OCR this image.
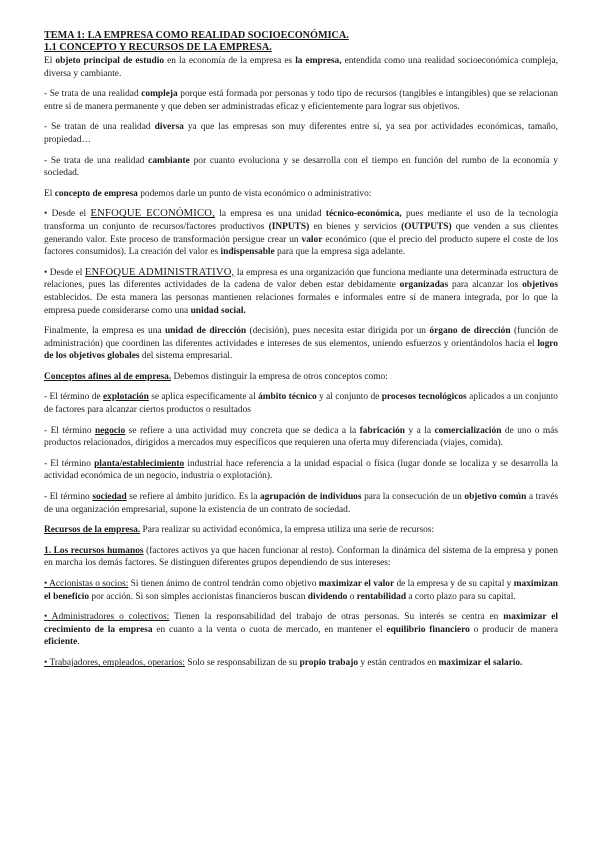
TEMA 1: LA EMPRESA COMO REALIDAD SOCIOECONÓMICA.
1.1 CONCEPTO Y RECURSOS DE LA EMPRESA.

El objeto principal de estudio en la economía de la empresa es la empresa, entendida como una realidad socioeconómica compleja, diversa y cambiante.

- Se trata de una realidad compleja porque está formada por personas y todo tipo de recursos (tangibles e intangibles) que se relacionan entre sí de manera permanente y que deben ser administradas eficaz y eficientemente para lograr sus objetivos.

- Se tratan de una realidad diversa ya que las empresas son muy diferentes entre sí, ya sea por actividades económicas, tamaño, propiedad…

- Se trata de una realidad cambiante por cuanto evoluciona y se desarrolla con el tiempo en función del rumbo de la economía y sociedad.

El concepto de empresa podemos darle un punto de vista económico o administrativo:

• Desde el ENFOQUE ECONÓMICO, la empresa es una unidad técnico-económica, pues mediante el uso de la tecnología transforma un conjunto de recursos/factores productivos (INPUTS) en bienes y servicios (OUTPUTS) que venden a sus clientes generando valor. Este proceso de transformación persigue crear un valor económico (que el precio del producto supere el coste de los factores consumidos). La creación del valor es indispensable para que la empresa siga adelante.

• Desde el ENFOQUE ADMINISTRATIVO, la empresa es una organización que funciona mediante una determinada estructura de relaciones, pues las diferentes actividades de la cadena de valor deben estar debidamente organizadas para alcanzar los objetivos establecidos. De esta manera las personas mantienen relaciones formales e informales entre sí de manera integrada, por lo que la empresa puede considerarse como una unidad social.

Finalmente, la empresa es una unidad de dirección (decisión), pues necesita estar dirigida por un órgano de dirección (función de administración) que coordinen las diferentes actividades e intereses de sus elementos, uniendo esfuerzos y orientándolos hacia el logro de los objetivos globales del sistema empresarial.

Conceptos afines al de empresa. Debemos distinguir la empresa de otros conceptos como:

- El término de explotación se aplica específicamente al ámbito técnico y al conjunto de procesos tecnológicos aplicados a un conjunto de factores para alcanzar ciertos productos o resultados

- El término negocio se refiere a una actividad muy concreta que se dedica a la fabricación y a la comercialización de uno o más productos relacionados, dirigidos a mercados muy específicos que requieren una oferta muy diferenciada (viajes, comida).

- El término planta/establecimiento industrial hace referencia a la unidad espacial o física (lugar donde se localiza y se desarrolla la actividad económica de un negocio, industria o explotación).

- El término sociedad se refiere al ámbito jurídico. Es la agrupación de individuos para la consecución de un objetivo común a través de una organización empresarial, supone la existencia de un contrato de sociedad.

Recursos de la empresa. Para realizar su actividad económica, la empresa utiliza una serie de recursos:

1. Los recursos humanos (factores activos ya que hacen funcionar al resto). Conforman la dinámica del sistema de la empresa y ponen en marcha los demás factores. Se distinguen diferentes grupos dependiendo de sus intereses:

• Accionistas o socios: Si tienen ánimo de control tendrán como objetivo maximizar el valor de la empresa y de su capital y maximizan el beneficio por acción. Si son simples accionistas financieros buscan dividendo o rentabilidad a corto plazo para su capital.

• Administradores o colectivos: Tienen la responsabilidad del trabajo de otras personas. Su interés se centra en maximizar el crecimiento de la empresa en cuanto a la venta o cuota de mercado, en mantener el equilibrio financiero o producir de manera eficiente.

• Trabajadores, empleados, operarios: Solo se responsabilizan de su propio trabajo y están centrados en maximizar el salario.
